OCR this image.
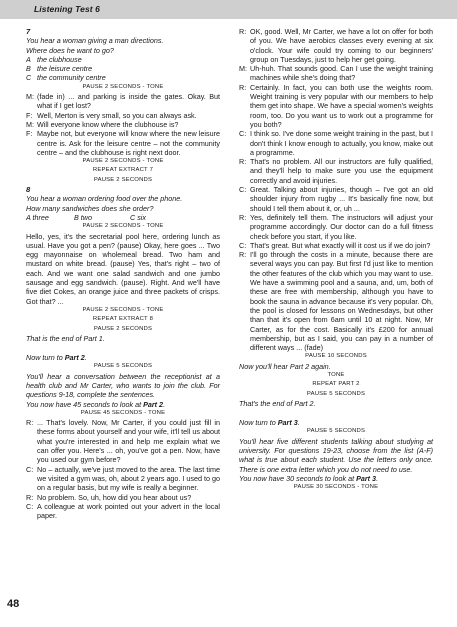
Listening Test 6

7

You hear a woman giving a man directions.

Where does he want to go?

A the clubhouse
B the leisure centre
C the community centre

PAUSE 2 SECONDS - TONE

M: (fade in) ... and parking is inside the gates. Okay. But what if I get lost?
F: Well, Merton is very small, so you can always ask.
M: Will everyone know where the clubhouse is?
F: Maybe not, but everyone will know where the new leisure centre is. Ask for the leisure centre – not the community centre – and the clubhouse is right next door.

PAUSE 2 SECONDS - TONE

REPEAT EXTRACT 7

PAUSE 2 SECONDS

8

You hear a woman ordering food over the phone.

How many sandwiches does she order?

A three	B two	C six

PAUSE 2 SECONDS - TONE

Hello, yes, it's the secretarial pool here, ordering lunch as usual. Have you got a pen? (pause) Okay, here goes ... Two egg mayonnaise on wholemeal bread. Two ham and mustard on white bread. (pause) Yes, that's right – two of each. And we want one salad sandwich and one jumbo sausage and egg sandwich. (pause). Right. And we'll have five diet Cokes, an orange juice and three packets of crisps. Got that? ...

PAUSE 2 SECONDS - TONE

REPEAT EXTRACT 8

PAUSE 2 SECONDS

That is the end of Part 1.

Now turn to Part 2.

PAUSE 5 SECONDS

You'll hear a conversation between the receptionist at a health club and Mr Carter, who wants to join the club. For questions 9-18, complete the sentences.

You now have 45 seconds to look at Part 2.

PAUSE 45 SECONDS - TONE

R: ... That's lovely. Now, Mr Carter, if you could just fill in these forms about yourself and your wife, it'll tell us about what you're interested in and help me explain what we can offer you. Here's ... oh, you've got a pen. Now, have you used our gym before?
C: No – actually, we've just moved to the area. The last time we visited a gym was, oh, about 2 years ago. I used to go on a regular basis, but my wife is really a beginner.
R: No problem. So, uh, how did you hear about us?
C: A colleague at work pointed out your advert in the local paper.
R: OK, good. Well, Mr Carter, we have a lot on offer for both of you. We have aerobics classes every evening at six o'clock. Your wife could try coming to our beginners' group on Tuesdays, just to help her get going.
M: Uh-huh. That sounds good. Can I use the weight training machines while she's doing that?
R: Certainly. In fact, you can both use the weights room. Weight training is very popular with our members to help them get into shape. We have a special women's weights room, too. Do you want us to work out a programme for you both?
C: I think so. I've done some weight training in the past, but I don't think I know enough to actually, you know, make out a programme.
R: That's no problem. All our instructors are fully qualified, and they'll help to make sure you use the equipment correctly and avoid injuries.
C: Great. Talking about injuries, though – I've got an old shoulder injury from rugby ... It's basically fine now, but should I tell them about it, or, uh ...
R: Yes, definitely tell them. The instructors will adjust your programme accordingly. Our doctor can do a full fitness check before you start, if you like.
C: That's great. But what exactly will it cost us if we do join?
R: I'll go through the costs in a minute, because there are several ways you can pay. But first I'd just like to mention the other features of the club which you may want to use. We have a swimming pool and a sauna, and, um, both of these are free with membership, although you have to book the sauna in advance because it's very popular. Oh, the pool is closed for lessons on Wednesdays, but other than that it's open from 6am until 10 at night. Now, Mr Carter, as for the cost. Basically it's £200 for annual membership, but as I said, you can pay in a number of different ways ... (fade)

PAUSE 10 SECONDS

Now you'll hear Part 2 again.

TONE

REPEAT PART 2

PAUSE 5 SECONDS

That's the end of Part 2.

Now turn to Part 3.

PAUSE 5 SECONDS

You'll hear five different students talking about studying at university. For questions 19-23, choose from the list (A-F) what is true about each student. Use the letters only once. There is one extra letter which you do not need to use.

You now have 30 seconds to look at Part 3.

PAUSE 30 SECONDS - TONE

48
